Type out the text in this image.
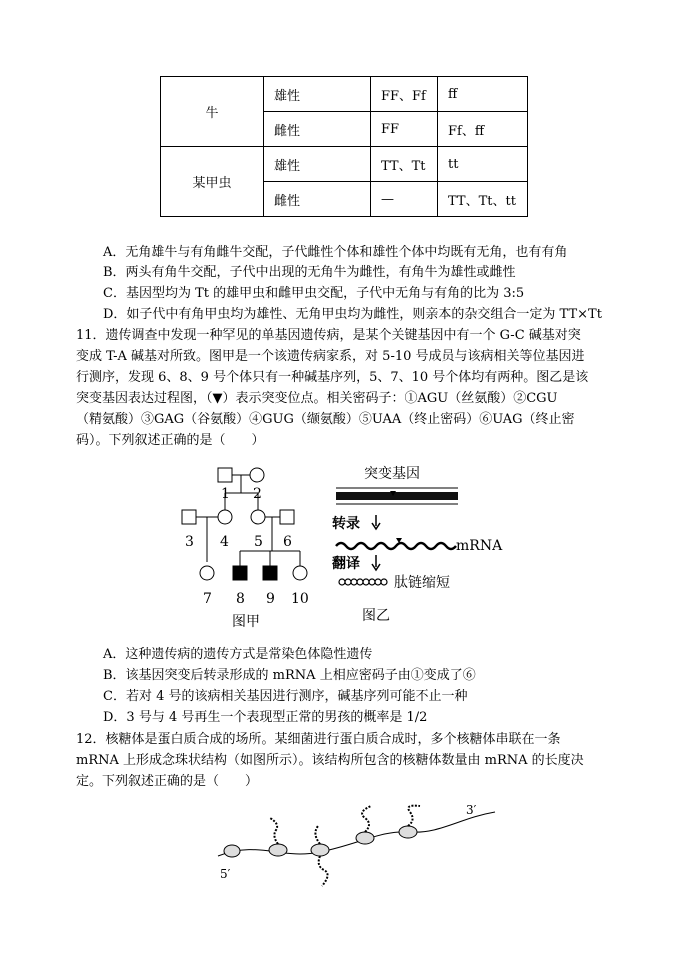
牛	雄性	FF、Ff	ff
	雌性	FF	Ff、ff
某甲虫	雄性	TT、Tt	tt
	雌性	—	TT、Tt、tt
A．无角雄牛与有角雌牛交配，子代雌性个体和雄性个体中均既有无角，也有有角
B．两头有角牛交配，子代中出现的无角牛为雌性，有角牛为雄性或雌性
C．基因型均为 Tt 的雄甲虫和雌甲虫交配，子代中无角与有角的比为 3:5
D．如子代中有角甲虫均为雄性、无角甲虫均为雌性，则亲本的杂交组合一定为 TT×Tt
11．遗传调查中发现一种罕见的单基因遗传病，是某个关键基因中有一个 G-C 碱基对突
变成 T-A 碱基对所致。图甲是一个该遗传病家系，对 5-10 号成员与该病相关等位基因进
行测序，发现 6、8、9 号个体只有一种碱基序列，5、7、10 号个体均有两种。图乙是该
突变基因表达过程图，（▼）表示突变位点。相关密码子：①AGU（丝氨酸）②CGU
（精氨酸）③GAG（谷氨酸）④GUG（缬氨酸）⑤UAA（终止密码）⑥UAG（终止密
码）。下列叙述正确的是（　　）
1 2
3 4 5 6
7 8 9 10
图甲
突变基因
转录
mRNA
翻译
肽链缩短
图乙
A．这种遗传病的遗传方式是常染色体隐性遗传
B．该基因突变后转录形成的 mRNA 上相应密码子由①变成了⑥
C．若对 4 号的该病相关基因进行测序，碱基序列可能不止一种
D．3 号与 4 号再生一个表现型正常的男孩的概率是 1/2
12．核糖体是蛋白质合成的场所。某细菌进行蛋白质合成时，多个核糖体串联在一条
mRNA 上形成念珠状结构（如图所示）。该结构所包含的核糖体数量由 mRNA 的长度决
定。下列叙述正确的是（　　）
3′
5′
